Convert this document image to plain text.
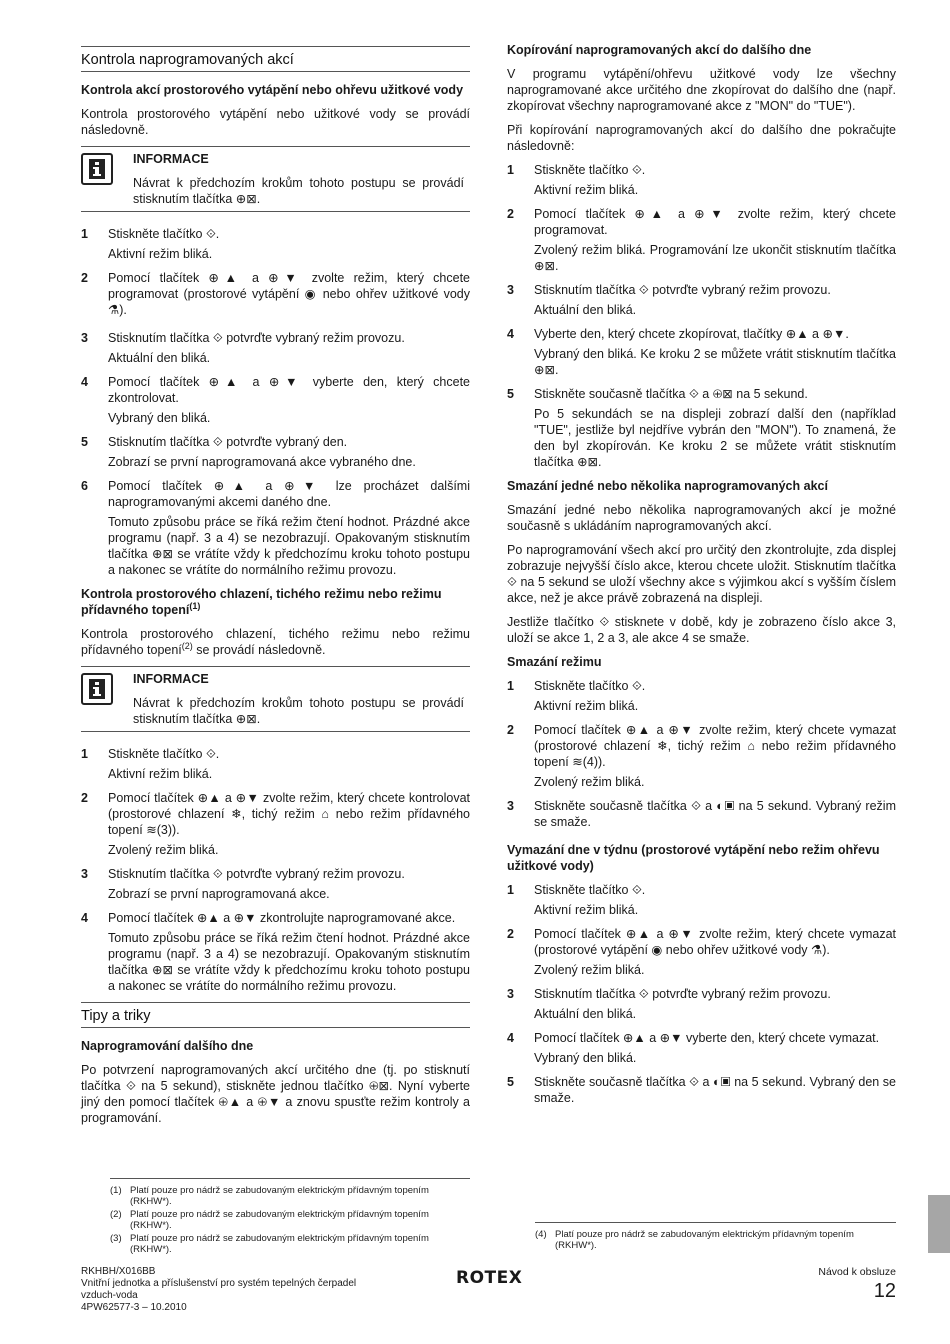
Kontrola naprogramovaných akcí
Kontrola akcí prostorového vytápění nebo ohřevu užitkové vody

Kontrola prostorového vytápění nebo užitkové vody se provádí následovně.

INFORMACE
Návrat k předchozím krokům tohoto postupu se provádí stisknutím tlačítka ⊕⊠.
1	Stiskněte tlačítko ⟐.
Aktivní režim bliká.
2	Pomocí tlačítek ⊕▲ a ⊕▼ zvolte režim, který chcete programovat (prostorové vytápění ◉ nebo ohřev užitkové vody ⚗).
3	Stisknutím tlačítka ⟐ potvrďte vybraný režim provozu.
Aktuální den bliká.
4	Pomocí tlačítek ⊕▲ a ⊕▼ vyberte den, který chcete zkontrolovat.
Vybraný den bliká.
5	Stisknutím tlačítka ⟐ potvrďte vybraný den.
Zobrazí se první naprogramovaná akce vybraného dne.
6	Pomocí tlačítek ⊕▲ a ⊕▼ lze procházet dalšími naprogramovanými akcemi daného dne.
Tomuto způsobu práce se říká režim čtení hodnot. Prázdné akce programu (např. 3 a 4) se nezobrazují. Opakovaným stisknutím tlačítka ⊕⊠ se vrátíte vždy k předchozímu kroku tohoto postupu a nakonec se vrátíte do normálního režimu provozu.
Kontrola prostorového chlazení, tichého režimu nebo režimu přídavného topení$^{(1)}$

Kontrola prostorového chlazení, tichého režimu nebo režimu přídavného topení$^{(2)}$ se provádí následovně.

INFORMACE
Návrat k předchozím krokům tohoto postupu se provádí stisknutím tlačítka ⊕⊠.
1	Stiskněte tlačítko ⟐.
Aktivní režim bliká.
2	Pomocí tlačítek ⊕▲ a ⊕▼ zvolte režim, který chcete kontrolovat (prostorové chlazení ❄, tichý režim ⌂ nebo režim přídavného topení ≋(3)).
Zvolený režim bliká.
3	Stisknutím tlačítka ⟐ potvrďte vybraný režim provozu.
Zobrazí se první naprogramovaná akce.
4	Pomocí tlačítek ⊕▲ a ⊕▼ zkontrolujte naprogramované akce.
Tomuto způsobu práce se říká režim čtení hodnot. Prázdné akce programu (např. 3 a 4) se nezobrazují. Opakovaným stisknutím tlačítka ⊕⊠ se vrátíte vždy k předchozímu kroku tohoto postupu a nakonec se vrátíte do normálního režimu provozu.
Tipy a triky
Naprogramování dalšího dne

Po potvrzení naprogramovaných akcí určitého dne (tj. po stisknutí tlačítka ⟐ na 5 sekund), stiskněte jednou tlačítko ⊕⊠. Nyní vyberte jiný den pomocí tlačítek ⊕▲ a ⊕▼ a znovu spusťte režim kontroly a programování.

Kopírování naprogramovaných akcí do dalšího dne

V programu vytápění/ohřevu užitkové vody lze všechny naprogramované akce určitého dne zkopírovat do dalšího dne (např. zkopírovat všechny naprogramované akce z "MON" do "TUE").

Při kopírování naprogramovaných akcí do dalšího dne pokračujte následovně:

1	Stiskněte tlačítko ⟐.
Aktivní režim bliká.
2	Pomocí tlačítek ⊕▲ a ⊕▼ zvolte režim, který chcete programovat.
Zvolený režim bliká. Programování lze ukončit stisknutím tlačítka ⊕⊠.
3	Stisknutím tlačítka ⟐ potvrďte vybraný režim provozu.
Aktuální den bliká.
4	Vyberte den, který chcete zkopírovat, tlačítky ⊕▲ a ⊕▼.
Vybraný den bliká. Ke kroku 2 se můžete vrátit stisknutím tlačítka ⊕⊠.
5	Stiskněte současně tlačítka ⟐ a ⊕⊠ na 5 sekund.
Po 5 sekundách se na displeji zobrazí další den (například "TUE", jestliže byl nejdříve vybrán den "MON"). To znamená, že den byl zkopírován. Ke kroku 2 se můžete vrátit stisknutím tlačítka ⊕⊠.
Smazání jedné nebo několika naprogramovaných akcí

Smazání jedné nebo několika naprogramovaných akcí je možné současně s ukládáním naprogramovaných akcí.

Po naprogramování všech akcí pro určitý den zkontrolujte, zda displej zobrazuje nejvyšší číslo akce, kterou chcete uložit. Stisknutím tlačítka ⟐ na 5 sekund se uloží všechny akce s výjimkou akcí s vyšším číslem akce, než je akce právě zobrazená na displeji.

Jestliže tlačítko ⟐ stisknete v době, kdy je zobrazeno číslo akce 3, uloží se akce 1, 2 a 3, ale akce 4 se smaže.

Smazání režimu
1	Stiskněte tlačítko ⟐.
Aktivní režim bliká.
2	Pomocí tlačítek ⊕▲ a ⊕▼ zvolte režim, který chcete vymazat (prostorové chlazení ❄, tichý režim ⌂ nebo režim přídavného topení ≋(4)).
Zvolený režim bliká.
3	Stiskněte současně tlačítka ⟐ a ◐▣ na 5 sekund. Vybraný režim se smaže.
Vymazání dne v týdnu (prostorové vytápění nebo režim ohřevu užitkové vody)
1	Stiskněte tlačítko ⟐.
Aktivní režim bliká.
2	Pomocí tlačítek ⊕▲ a ⊕▼ zvolte režim, který chcete vymazat (prostorové vytápění ◉ nebo ohřev užitkové vody ⚗).
Zvolený režim bliká.
3	Stisknutím tlačítka ⟐ potvrďte vybraný režim provozu.
Aktuální den bliká.
4	Pomocí tlačítek ⊕▲ a ⊕▼ vyberte den, který chcete vymazat.
Vybraný den bliká.
5	Stiskněte současně tlačítka ⟐ a ◐▣ na 5 sekund. Vybraný den se smaže.
(1) Platí pouze pro nádrž se zabudovaným elektrickým přídavným topením (RKHW*).
(2) Platí pouze pro nádrž se zabudovaným elektrickým přídavným topením (RKHW*).
(3) Platí pouze pro nádrž se zabudovaným elektrickým přídavným topením (RKHW*).
(4) Platí pouze pro nádrž se zabudovaným elektrickým přídavným topením (RKHW*).
RKHBH/X016BB
Vnitřní jednotka a příslušenství pro systém tepelných čerpadel
vzduch-voda
4PW62577-3 – 10.2010
ROTEX	Návod k obsluze
12
